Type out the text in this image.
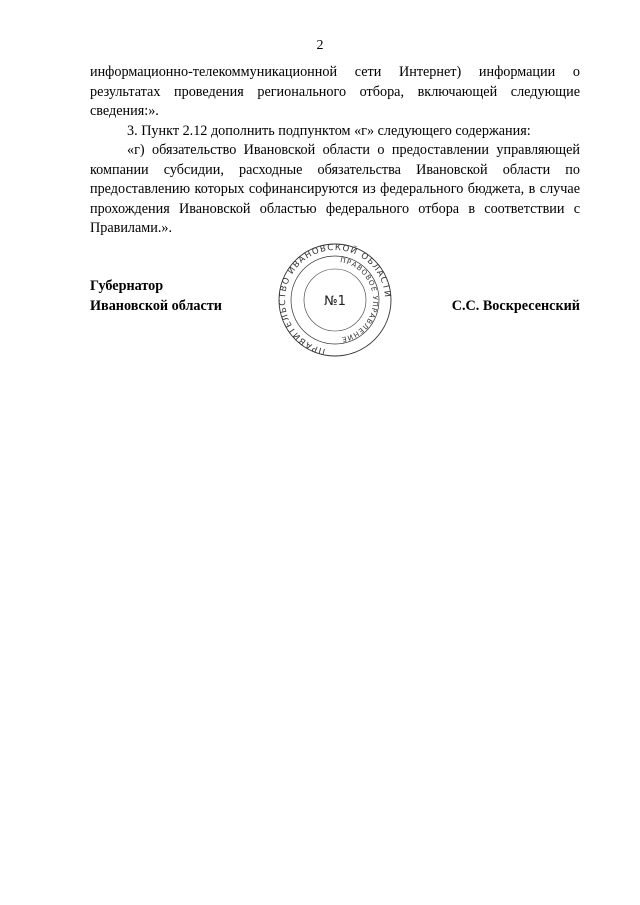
2

информационно-телекоммуникационной сети Интернет) информации о результатах проведения регионального отбора, включающей следующие сведения:».

3. Пункт 2.12 дополнить подпунктом «г» следующего содержания:

«г) обязательство Ивановской области о предоставлении управляющей компании субсидии, расходные обязательства Ивановской области по предоставлению которых софинансируются из федерального бюджета, в случае прохождения Ивановской областью федерального отбора в соответствии с Правилами.».

Губернатор
Ивановской области
ПРАВИТЕЛЬСТВО ИВАНОВСКОЙ ОБЛАСТИ
ПРАВОВОЕ УПРАВЛЕНИЕ
№1	С.С. Воскресенский
